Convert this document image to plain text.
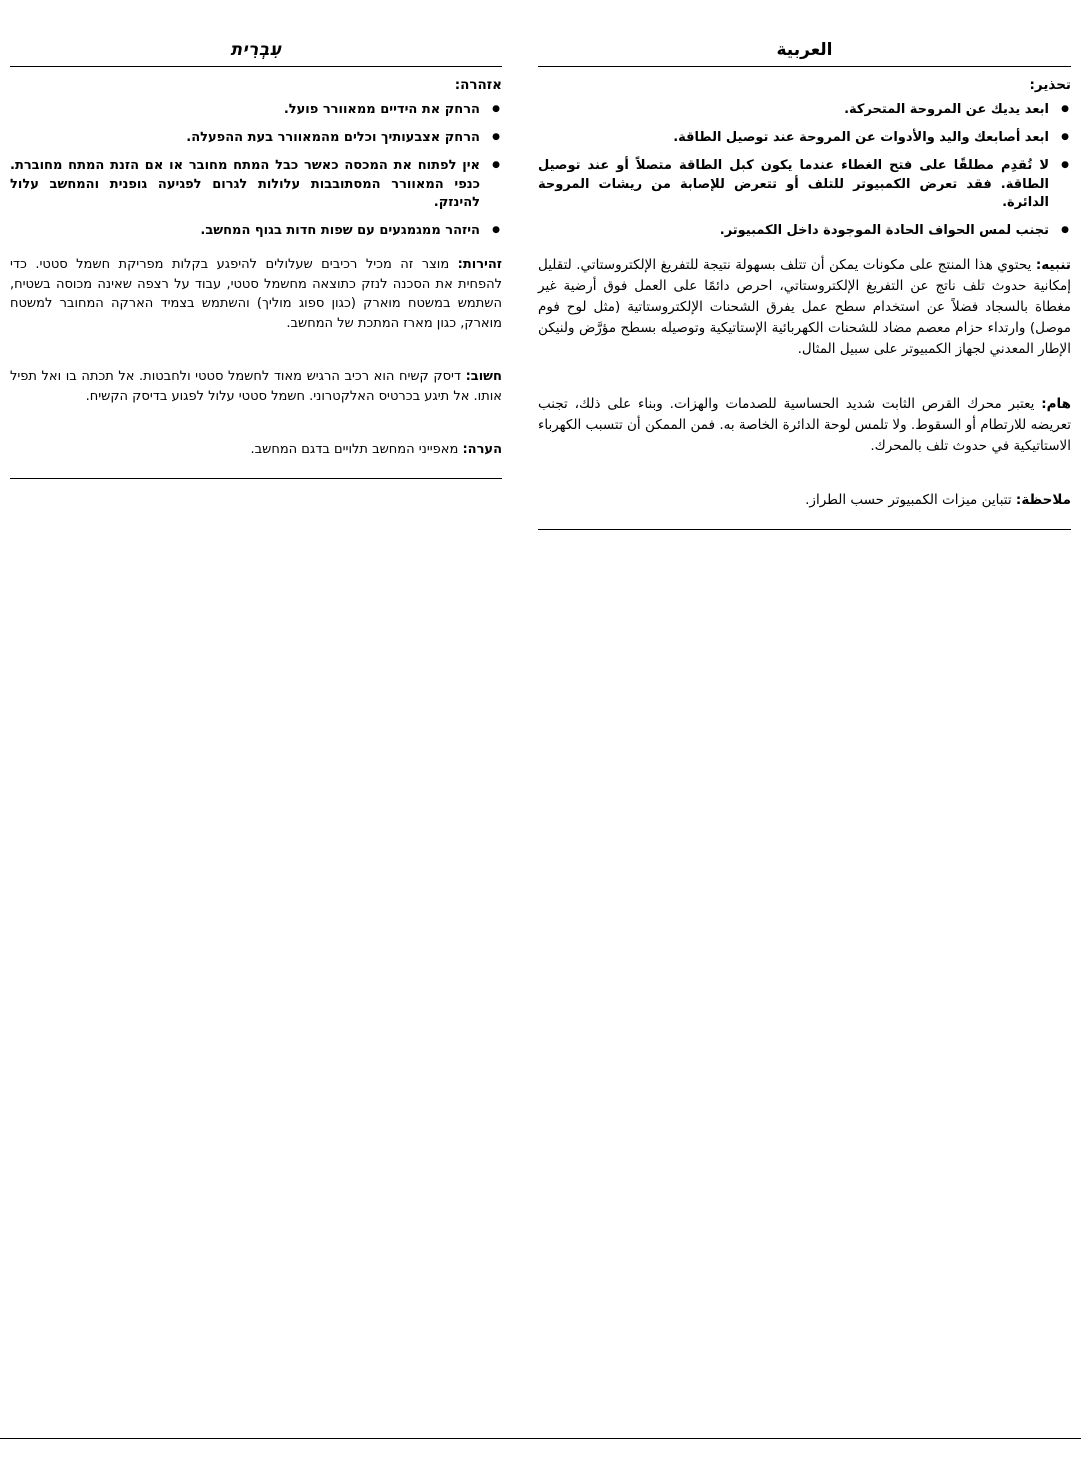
עִבְרִית
אזהרה:
● הרחק את הידיים ממאוורר פועל.
● הרחק אצבעותיך וכלים מהמאוורר בעת ההפעלה.
● אין לפתוח את המכסה כאשר כבל המתח מחובר או אם הזנת המתח מחוברת. כנפי המאוורר המסתובבות עלולות לגרום לפגיעה גופנית והמחשב עלול להינזק.
● היזהר ממגמגעים עם שפות חדות בגוף המחשב.

זהירות: מוצר זה מכיל רכיבים שעלולים להיפגע בקלות מפריקת חשמל סטטי. כדי להפחית את הסכנה לנזק כתוצאה מחשמל סטטי, עבוד על רצפה שאינה מכוסה בשטיח, השתמש במשטח מוארק (כגון ספוג מוליך) והשתמש בצמיד הארקה המחובר למשטח מוארק, כגון מארז המתכת של המחשב.

חשוב: דיסק קשיח הוא רכיב הרגיש מאוד לחשמל סטטי ולחבטות. אל תכתה בו ואל תפיל אותו. אל תיגע בכרטיס האלקטרוני. חשמל סטטי עלול לפגוע בדיסק הקשיח.

הערה: מאפייני המחשב תלויים בדגם המחשב.

العربية
تحذير:
● ابعد يديك عن المروحة المتحركة.
● ابعد أصابعك واليد والأدوات عن المروحة عند توصيل الطاقة.
● لا تُقدِم مطلقًا على فتح الغطاء عندما يكون كبل الطاقة متصلاً أو عند توصيل الطاقة. فقد تعرض الكمبيوتر للتلف أو تتعرض للإصابة من ريشات المروحة الدائرة.
● تجنب لمس الحواف الحادة الموجودة داخل الكمبيوتر.

تنبيه: يحتوي هذا المنتج على مكونات يمكن أن تتلف بسهولة نتيجة للتفريغ الإلكتروستاتي. لتقليل إمكانية حدوث تلف ناتج عن التفريغ الإلكتروستاتي، احرص دائمًا على العمل فوق أرضية غير مغطاة بالسجاد فضلاً عن استخدام سطح عمل يفرق الشحنات الإلكتروستاتية (مثل لوح فوم موصل) وارتداء حزام معصم مضاد للشحنات الكهربائية الإستاتيكية وتوصيله بسطح مؤرَّض ولنيكن الإطار المعدني لجهاز الكمبيوتر على سبيل المثال.

هام: يعتبر محرك القرص الثابت شديد الحساسية للصدمات والهزات. وبناء على ذلك، تجنب تعريضه للارتطام أو السقوط. ولا تلمس لوحة الدائرة الخاصة به. فمن الممكن أن تتسبب الكهرباء الاستاتيكية في حدوث تلف بالمحرك.

ملاحظة: تتباين ميزات الكمبيوتر حسب الطراز.
